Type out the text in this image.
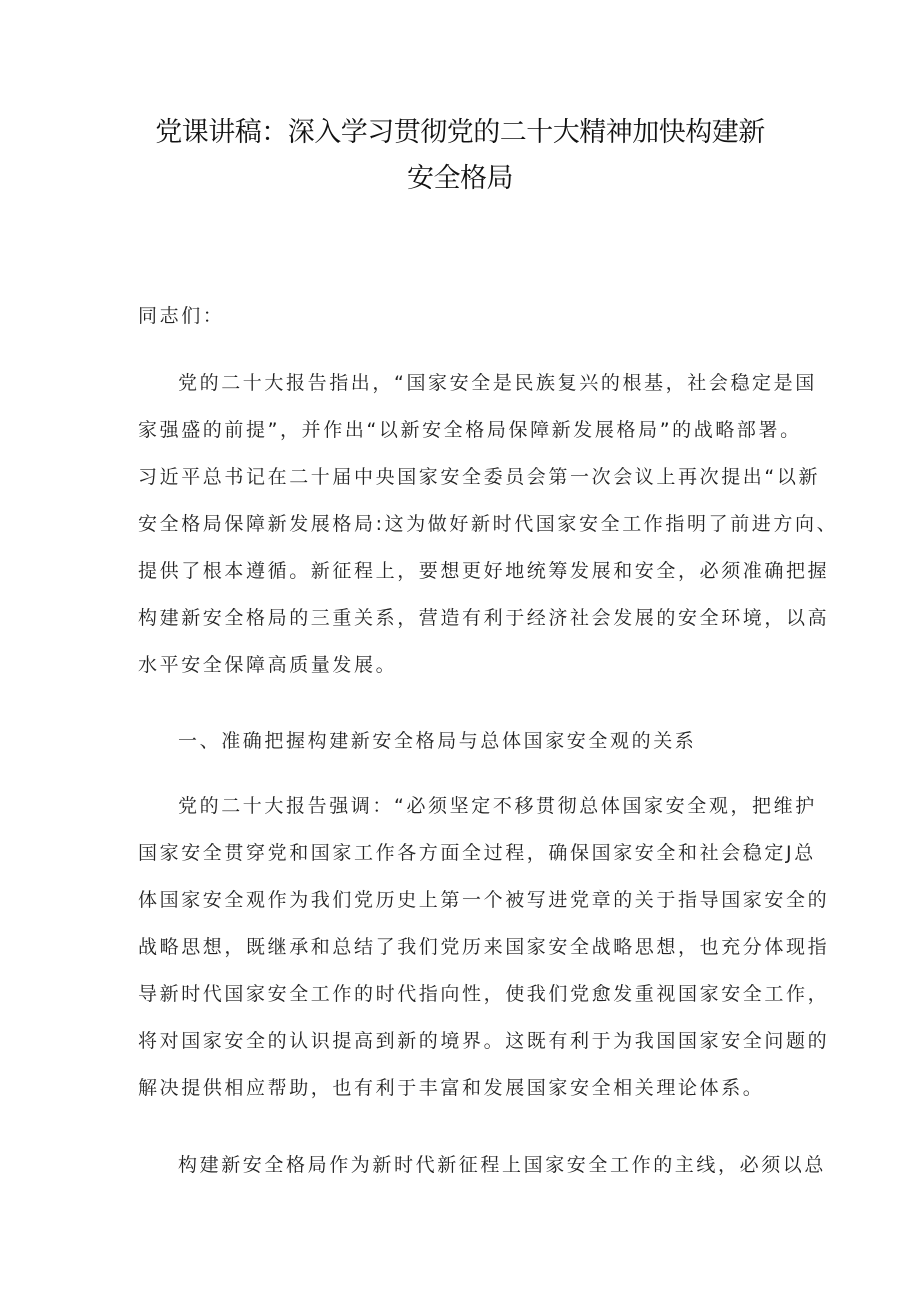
党课讲稿：深入学习贯彻党的二十大精神加快构建新
安全格局
同志们：
党的二十大报告指出，“国家安全是民族复兴的根基，社会稳定是国
家强盛的前提”，并作出“以新安全格局保障新发展格局”的战略部署。
习近平总书记在二十届中央国家安全委员会第一次会议上再次提出“以新
安全格局保障新发展格局:这为做好新时代国家安全工作指明了前进方向、
提供了根本遵循。新征程上，要想更好地统筹发展和安全，必须准确把握
构建新安全格局的三重关系，营造有利于经济社会发展的安全环境，以高
水平安全保障高质量发展。
一、准确把握构建新安全格局与总体国家安全观的关系
党的二十大报告强调：“必须坚定不移贯彻总体国家安全观，把维护
国家安全贯穿党和国家工作各方面全过程，确保国家安全和社会稳定J总
体国家安全观作为我们党历史上第一个被写进党章的关于指导国家安全的
战略思想，既继承和总结了我们党历来国家安全战略思想，也充分体现指
导新时代国家安全工作的时代指向性，使我们党愈发重视国家安全工作，
将对国家安全的认识提高到新的境界。这既有利于为我国国家安全问题的
解决提供相应帮助，也有利于丰富和发展国家安全相关理论体系。
构建新安全格局作为新时代新征程上国家安全工作的主线，必须以总
